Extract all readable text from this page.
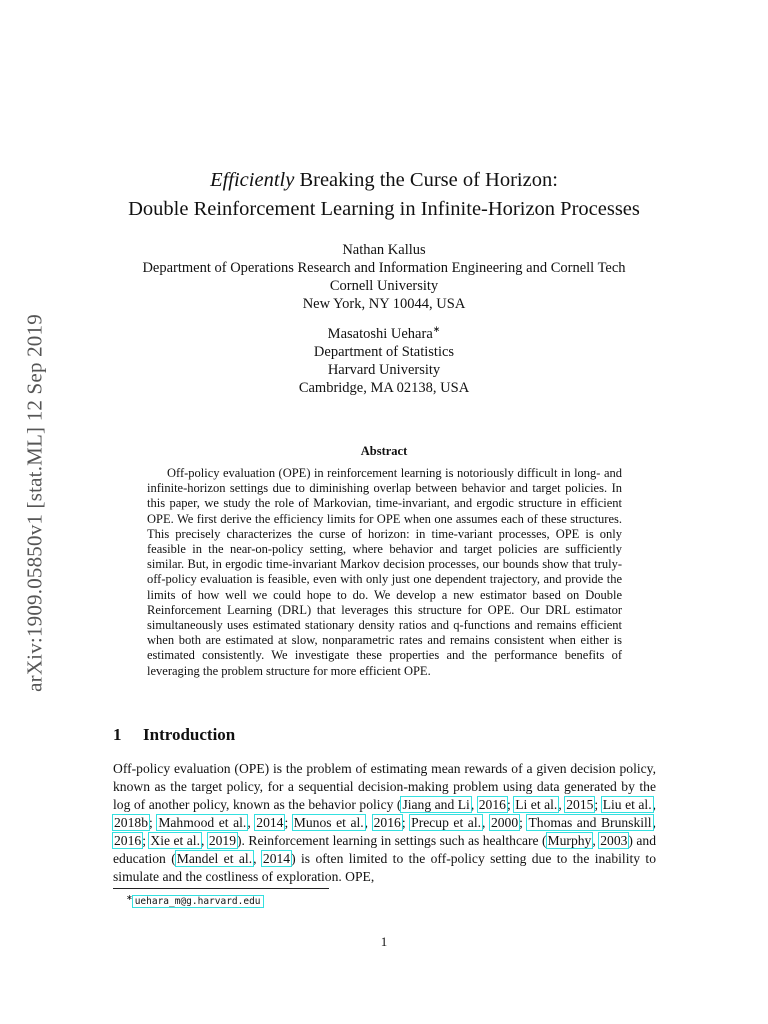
arXiv:1909.05850v1 [stat.ML] 12 Sep 2019
Efficiently Breaking the Curse of Horizon:
Double Reinforcement Learning in Infinite-Horizon Processes
Nathan Kallus
Department of Operations Research and Information Engineering and Cornell Tech
Cornell University
New York, NY 10044, USA
Masatoshi Uehara∗
Department of Statistics
Harvard University
Cambridge, MA 02138, USA
Abstract
Off-policy evaluation (OPE) in reinforcement learning is notoriously difficult in long- and infinite-horizon settings due to diminishing overlap between behavior and target policies. In this paper, we study the role of Markovian, time-invariant, and ergodic structure in efficient OPE. We first derive the efficiency limits for OPE when one assumes each of these structures. This precisely characterizes the curse of horizon: in time-variant processes, OPE is only feasible in the near-on-policy setting, where behavior and target policies are sufficiently similar. But, in ergodic time-invariant Markov decision processes, our bounds show that truly-off-policy evaluation is feasible, even with only just one dependent trajectory, and provide the limits of how well we could hope to do. We develop a new estimator based on Double Reinforcement Learning (DRL) that leverages this structure for OPE. Our DRL estimator simultaneously uses estimated stationary density ratios and q-functions and remains efficient when both are estimated at slow, nonparametric rates and remains consistent when either is estimated consistently. We investigate these properties and the performance benefits of leveraging the problem structure for more efficient OPE.
1 Introduction
Off-policy evaluation (OPE) is the problem of estimating mean rewards of a given decision policy, known as the target policy, for a sequential decision-making problem using data generated by the log of another policy, known as the behavior policy (Jiang and Li, 2016; Li et al., 2015; Liu et al., 2018b; Mahmood et al., 2014; Munos et al., 2016; Precup et al., 2000; Thomas and Brunskill, 2016; Xie et al., 2019). Reinforcement learning in settings such as healthcare (Murphy, 2003) and education (Mandel et al., 2014) is often limited to the off-policy setting due to the inability to simulate and the costliness of exploration. OPE,
∗ uehara_m@g.harvard.edu
1
